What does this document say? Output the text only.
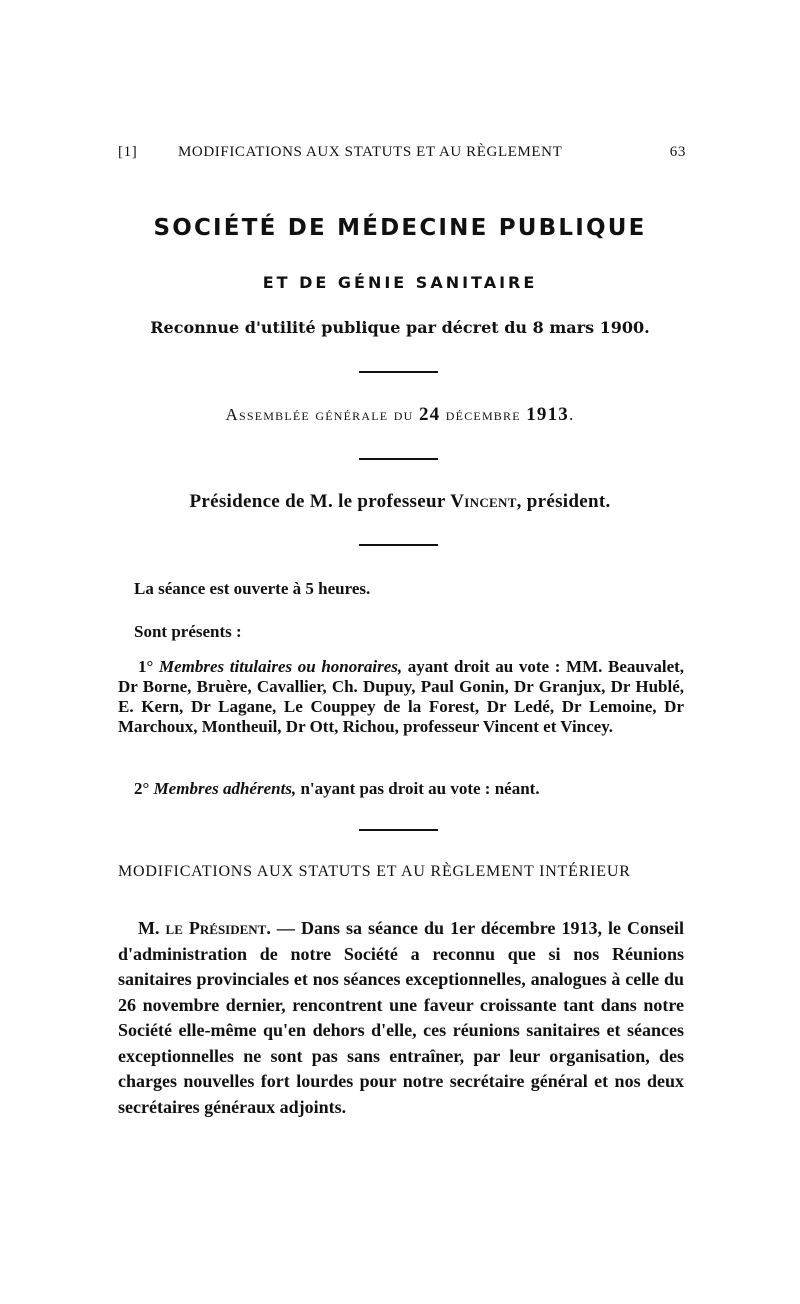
[1]	MODIFICATIONS AUX STATUTS ET AU RÈGLEMENT	63
SOCIÉTÉ DE MÉDECINE PUBLIQUE
ET DE GÉNIE SANITAIRE
Reconnue d'utilité publique par décret du 8 mars 1900.
Assemblée générale du 24 décembre 1913.
Présidence de M. le professeur Vincent, président.
La séance est ouverte à 5 heures.
Sont présents :
1° Membres titulaires ou honoraires, ayant droit au vote : MM. Beauvalet, Dr Borne, Bruère, Cavallier, Ch. Dupuy, Paul Gonin, Dr Granjux, Dr Hublé, E. Kern, Dr Lagane, Le Couppey de la Forest, Dr Ledé, Dr Lemoine, Dr Marchoux, Montheuil, Dr Ott, Richou, professeur Vincent et Vincey.
2° Membres adhérents, n'ayant pas droit au vote : néant.
MODIFICATIONS AUX STATUTS ET AU RÈGLEMENT INTÉRIEUR
M. le Président. — Dans sa séance du 1er décembre 1913, le Conseil d'administration de notre Société a reconnu que si nos Réunions sanitaires provinciales et nos séances exceptionnelles, analogues à celle du 26 novembre dernier, rencontrent une faveur croissante tant dans notre Société elle-même qu'en dehors d'elle, ces réunions sanitaires et séances exceptionnelles ne sont pas sans entraîner, par leur organisation, des charges nouvelles fort lourdes pour notre secrétaire général et nos deux secrétaires généraux adjoints.
